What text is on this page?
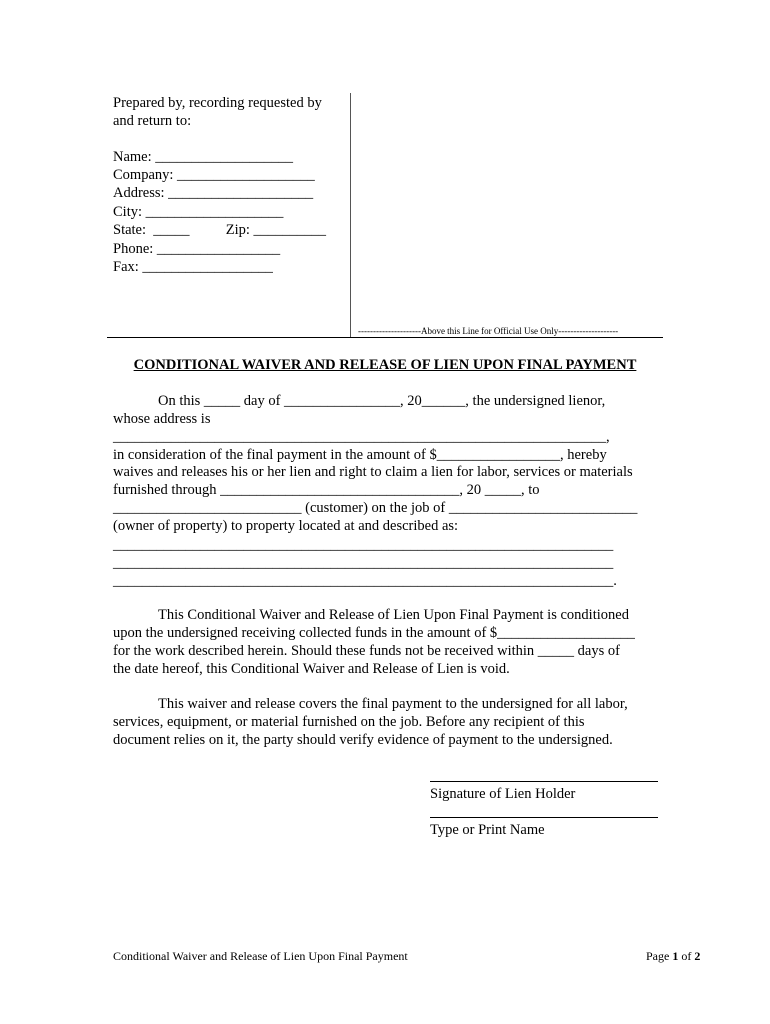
Prepared by, recording requested by
and return to:
Name: ___________________
Company: ___________________
Address: ____________________
City: ___________________
State:  _____          Zip: __________
Phone: _________________
Fax: __________________
---------------------Above this Line for Official Use Only--------------------
CONDITIONAL WAIVER AND RELEASE OF LIEN UPON FINAL PAYMENT
On this _____ day of ________________, 20______, the undersigned lienor,
whose address is
____________________________________________________________________,
in consideration of the final payment in the amount of $_________________, hereby
waives and releases his or her lien and right to claim a lien for labor, services or materials
furnished through _________________________________, 20 _____, to
__________________________ (customer) on the job of __________________________
(owner of property) to property located at and described as:
_____________________________________________________________________
_____________________________________________________________________
_____________________________________________________________________.
This Conditional Waiver and Release of Lien Upon Final Payment is conditioned
upon the undersigned receiving collected funds in the amount of $___________________
for the work described herein. Should these funds not be received within _____ days of
the date hereof, this Conditional Waiver and Release of Lien is void.
This waiver and release covers the final payment to the undersigned for all labor,
services, equipment, or material furnished on the job. Before any recipient of this
document relies on it, the party should verify evidence of payment to the undersigned.
Signature of Lien Holder
Type or Print Name
Conditional Waiver and Release of Lien Upon Final Payment	Page 1 of 2
